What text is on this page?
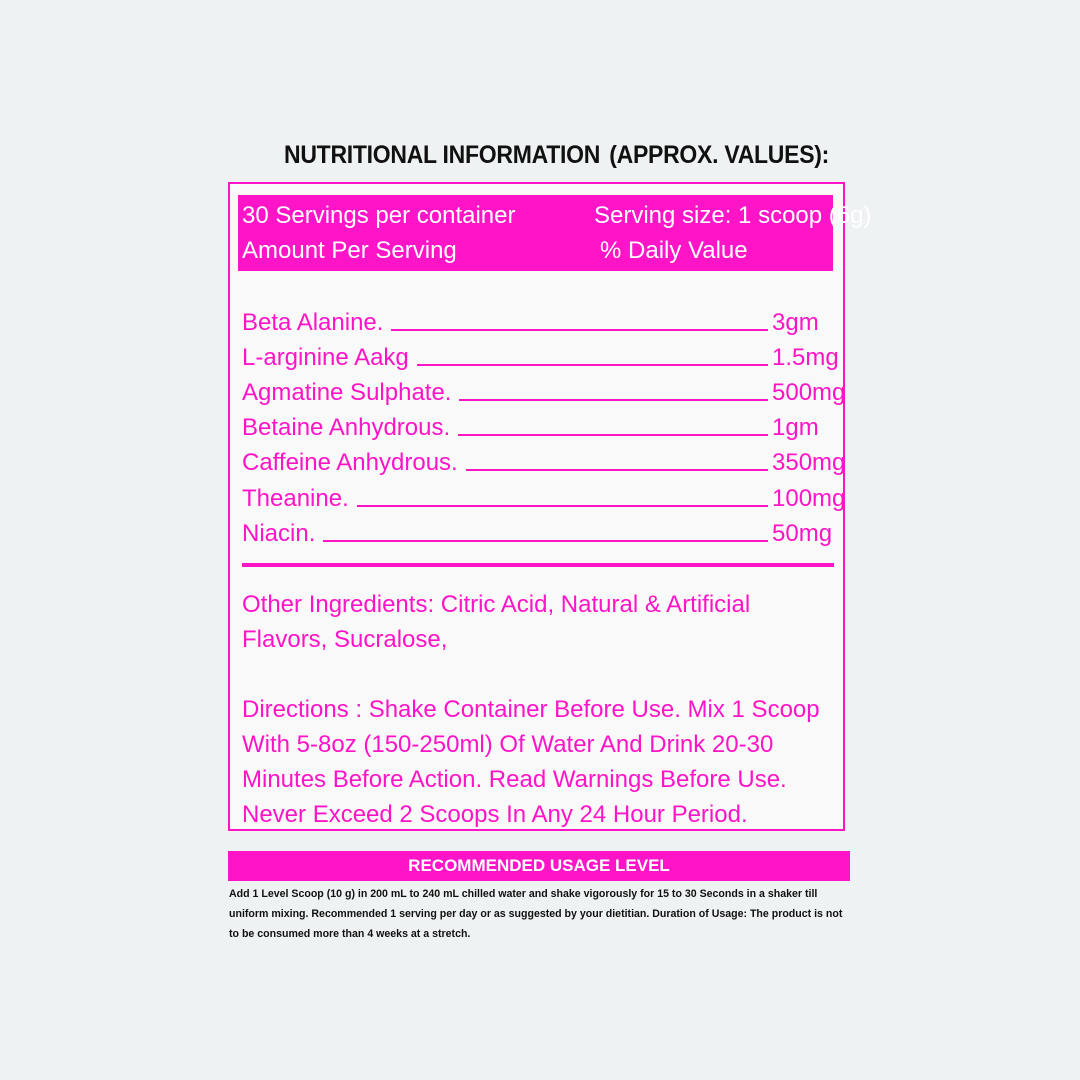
NUTRITIONAL INFORMATION (APPROX. VALUES):
30 Servings per container	Serving size: 1 scoop (6g)
Amount Per Serving	% Daily Value
Beta Alanine.	3gm
L-arginine Aakg	1.5mg
Agmatine Sulphate.	500mg
Betaine Anhydrous.	1gm
Caffeine Anhydrous.	350mg
Theanine.	100mg
Niacin.	50mg
Other Ingredients: Citric Acid, Natural & Artificial Flavors, Sucralose,
Directions : Shake Container Before Use. Mix 1 Scoop With 5-8oz (150-250ml) Of Water And Drink 20-30 Minutes Before Action. Read Warnings Before Use. Never Exceed 2 Scoops In Any 24 Hour Period.
RECOMMENDED USAGE LEVEL
Add 1 Level Scoop (10 g) in 200 mL to 240 mL chilled water and shake vigorously for 15 to 30 Seconds in a shaker till uniform mixing. Recommended 1 serving per day or as suggested by your dietitian. Duration of Usage: The product is not to be consumed more than 4 weeks at a stretch.
